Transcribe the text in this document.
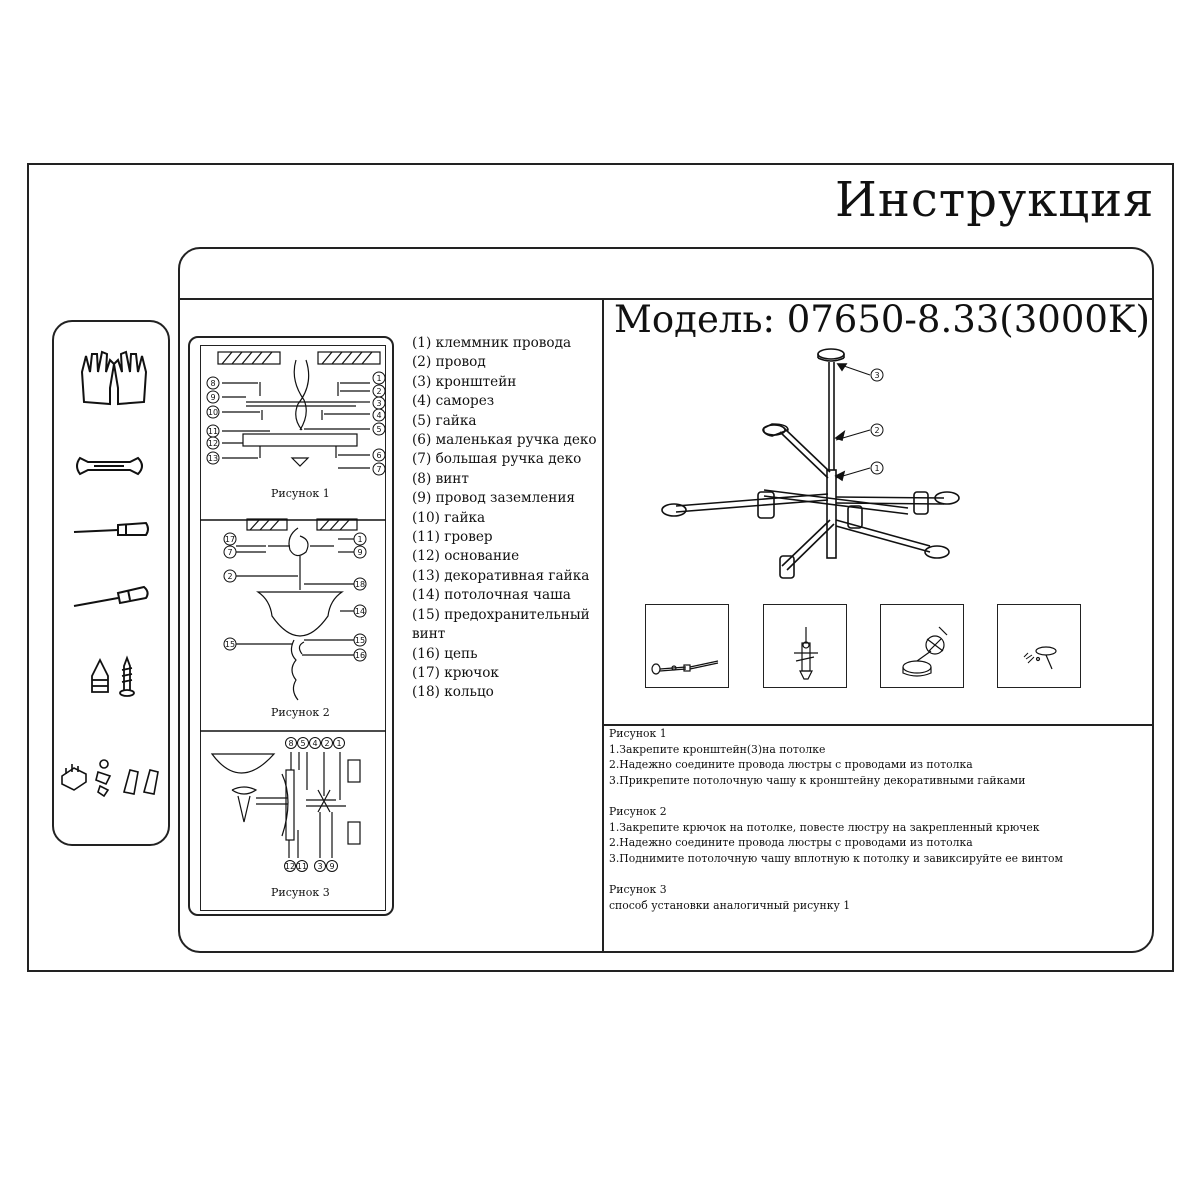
Инструкция
8
9
10
11
12
13
1
2
3
4
5
6
7
17
7
2
15
1
9
18
14
15
16
8 5 4 2 1
12 11 3 9
Рисунок 1
Рисунок 2
Рисунок 3
(1) клеммник провода
(2) провод
(3) кронштейн
(4) саморез
(5) гайка
(6) маленькая ручка деко
(7) большая ручка деко
(8) винт
(9) провод заземления
(10) гайка
(11) гровер
(12) основание
(13) декоративная гайка
(14) потолочная чаша
(15) предохранительный винт
(16) цепь
(17) крючок
(18) кольцо
Модель: 07650-8.33(3000K)
3
2
1

Рисунок 1

1.Закрепите кронштейн(3)на потолке

2.Надежно соедините провода люстры с проводами из потолка

3.Прикрепите потолочную чашу к кронштейну декоративными гайками

Рисунок 2

1.Закрепите крючок на потолке, повесте люстру на закрепленный крючек

2.Надежно соедините провода люстры с проводами из потолка

3.Поднимите потолочную чашу вплотную к потолку и завиксируйте ее винтом

Рисунок 3

способ установки аналогичный рисунку 1
